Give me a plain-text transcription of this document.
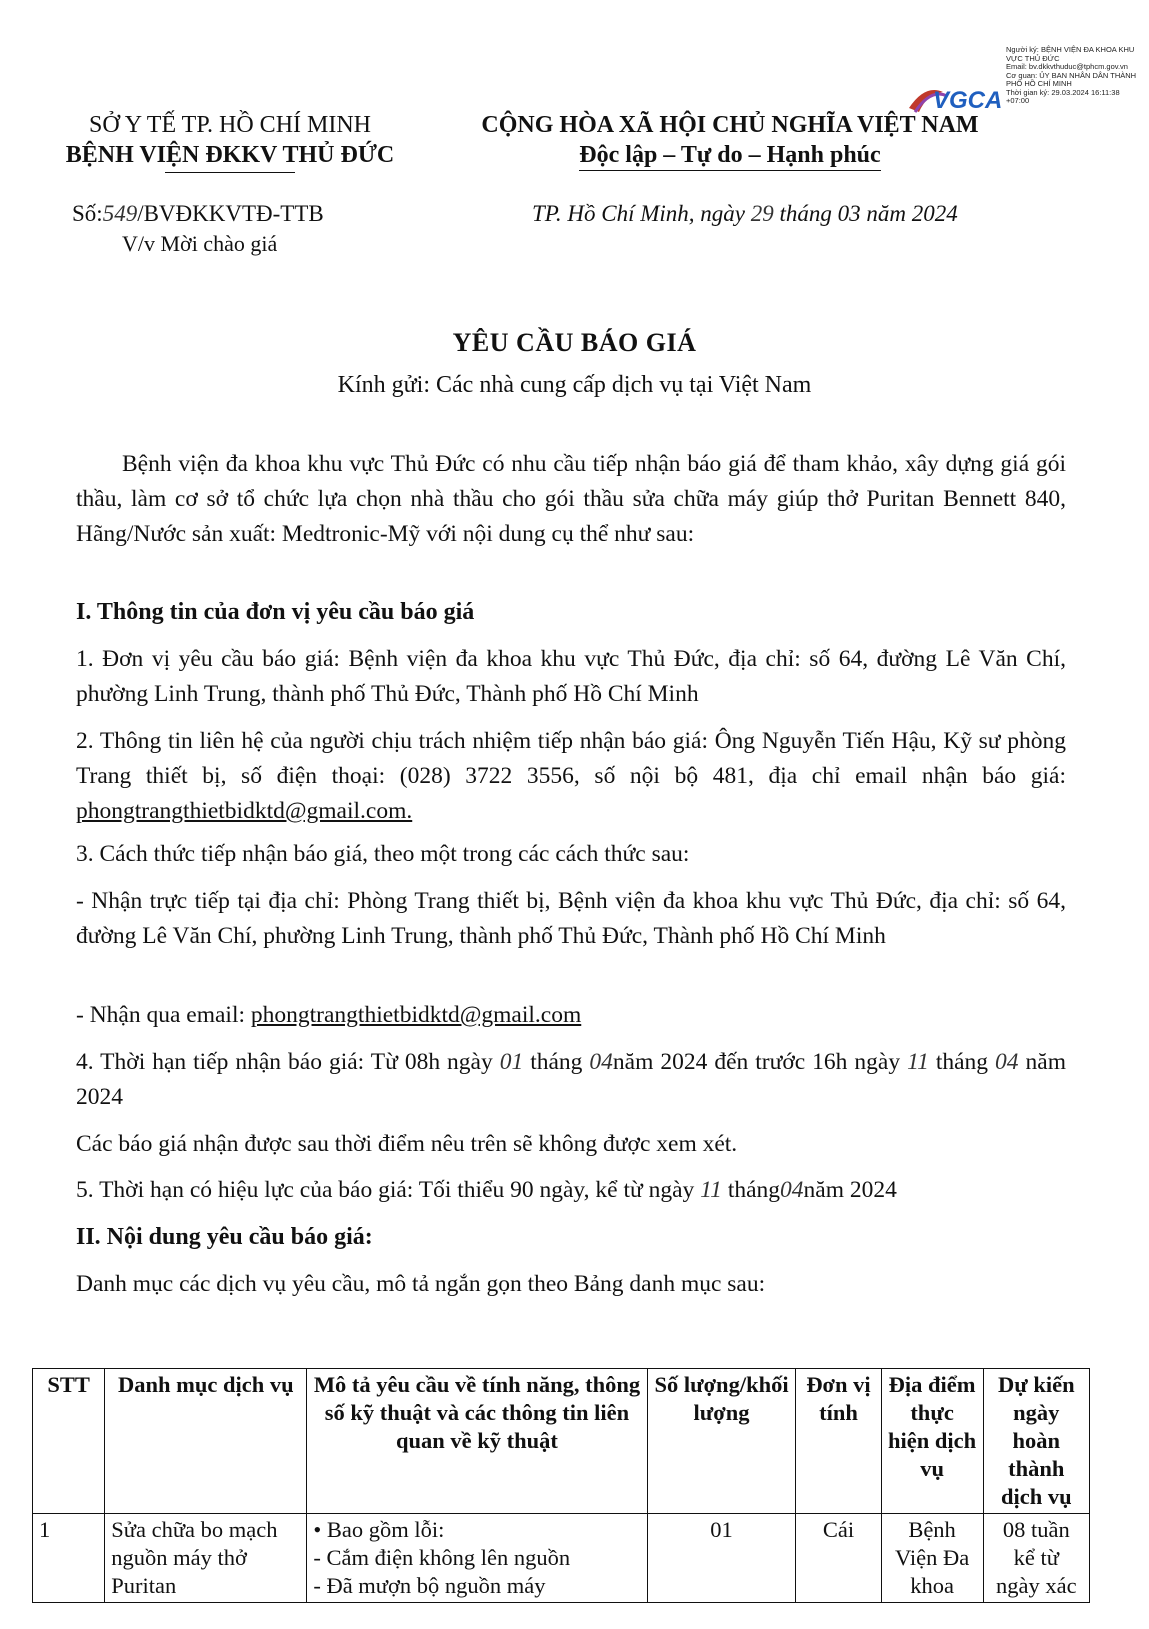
VGCA
Người ký: BỆNH VIỆN ĐA KHOA KHU VỰC THỦ ĐỨC
Email: bv.dkkvthuduc@tphcm.gov.vn
Cơ quan: ỦY BAN NHÂN DÂN THÀNH PHỐ HỒ CHÍ MINH
Thời gian ký: 29.03.2024 16:11:38 +07:00
SỞ Y TẾ TP. HỒ CHÍ MINH
BỆNH VIỆN ĐKKV THỦ ĐỨC
CỘNG HÒA XÃ HỘI CHỦ NGHĨA VIỆT NAM
Độc lập – Tự do – Hạnh phúc
Số:549/BVĐKKVTĐ-TTB
V/v Mời chào giá
TP. Hồ Chí Minh, ngày 29 tháng 03 năm 2024
YÊU CẦU BÁO GIÁ
Kính gửi: Các nhà cung cấp dịch vụ tại Việt Nam
Bệnh viện đa khoa khu vực Thủ Đức có nhu cầu tiếp nhận báo giá để tham khảo, xây dựng giá gói thầu, làm cơ sở tổ chức lựa chọn nhà thầu cho gói thầu sửa chữa máy giúp thở Puritan Bennett 840, Hãng/Nước sản xuất: Medtronic-Mỹ với nội dung cụ thể như sau:
I. Thông tin của đơn vị yêu cầu báo giá
1. Đơn vị yêu cầu báo giá: Bệnh viện đa khoa khu vực Thủ Đức, địa chỉ: số 64, đường Lê Văn Chí, phường Linh Trung, thành phố Thủ Đức, Thành phố Hồ Chí Minh
2. Thông tin liên hệ của người chịu trách nhiệm tiếp nhận báo giá: Ông Nguyễn Tiến Hậu, Kỹ sư phòng Trang thiết bị, số điện thoại: (028) 3722 3556, số nội bộ 481, địa chỉ email nhận báo giá: phongtrangthietbidktd@gmail.com.
3. Cách thức tiếp nhận báo giá, theo một trong các cách thức sau:
- Nhận trực tiếp tại địa chỉ: Phòng Trang thiết bị, Bệnh viện đa khoa khu vực Thủ Đức, địa chỉ: số 64, đường Lê Văn Chí, phường Linh Trung, thành phố Thủ Đức, Thành phố Hồ Chí Minh
- Nhận qua email: phongtrangthietbidktd@gmail.com
4. Thời hạn tiếp nhận báo giá: Từ 08h ngày 01 tháng 04năm 2024 đến trước 16h ngày 11 tháng 04 năm 2024
Các báo giá nhận được sau thời điểm nêu trên sẽ không được xem xét.
5. Thời hạn có hiệu lực của báo giá: Tối thiểu 90 ngày, kể từ ngày 11 tháng04năm 2024
II. Nội dung yêu cầu báo giá:
Danh mục các dịch vụ yêu cầu, mô tả ngắn gọn theo Bảng danh mục sau:
STT	Danh mục dịch vụ	Mô tả yêu cầu về tính năng, thông số kỹ thuật và các thông tin liên quan về kỹ thuật	Số lượng/khối lượng	Đơn vị tính	Địa điểm thực hiện dịch vụ	Dự kiến ngày hoàn thành dịch vụ
1	Sửa chữa bo mạch nguồn máy thở Puritan	• Bao gồm lỗi:
- Cắm điện không lên nguồn
- Đã mượn bộ nguồn máy	01	Cái	Bệnh Viện Đa khoa	08 tuần kể từ ngày xác
